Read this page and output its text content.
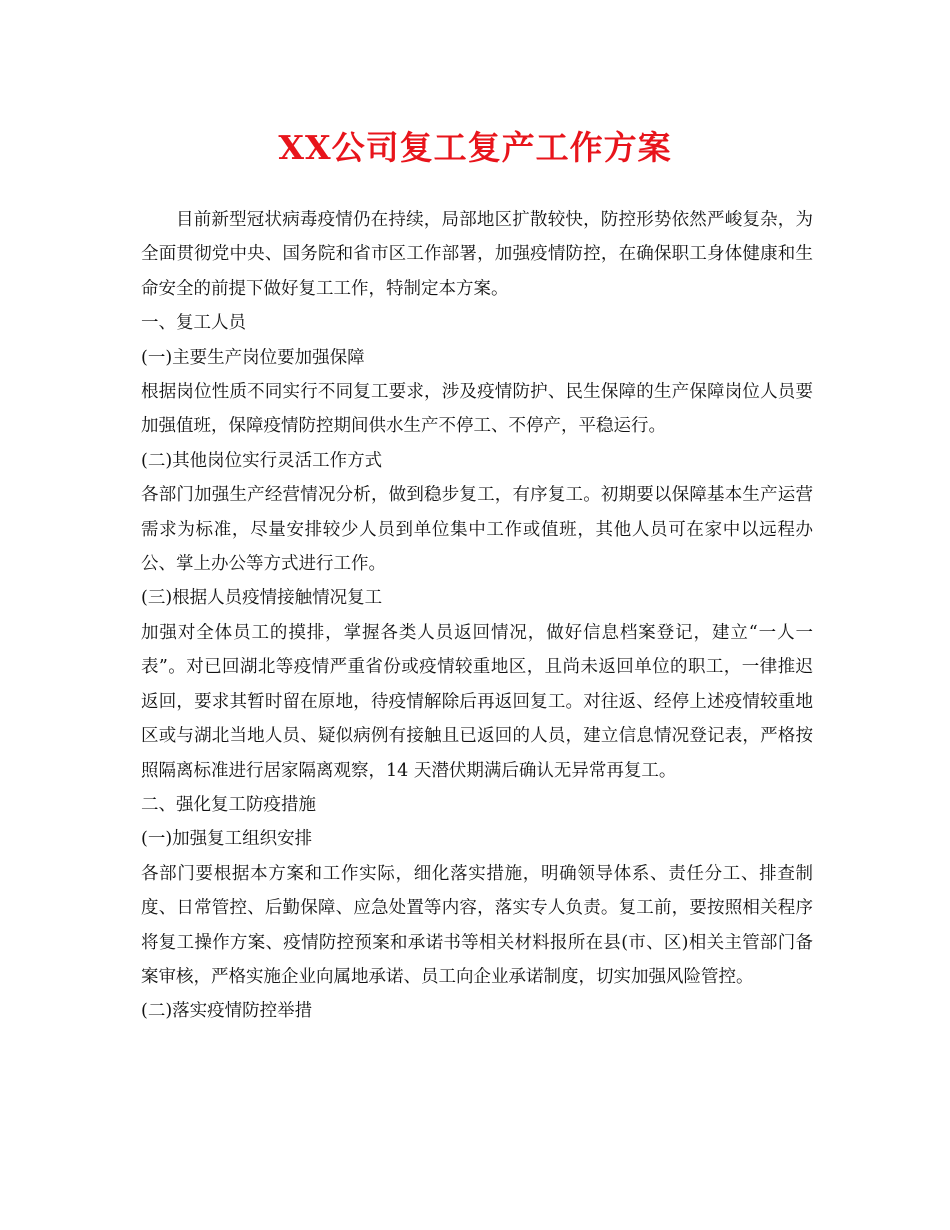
XX公司复工复产工作方案

目前新型冠状病毒疫情仍在持续，局部地区扩散较快，防控形势依然严峻复杂，为全面贯彻党中央、国务院和省市区工作部署，加强疫情防控，在确保职工身体健康和生命安全的前提下做好复工工作，特制定本方案。

一、复工人员

(一)主要生产岗位要加强保障

根据岗位性质不同实行不同复工要求，涉及疫情防护、民生保障的生产保障岗位人员要加强值班，保障疫情防控期间供水生产不停工、不停产，平稳运行。

(二)其他岗位实行灵活工作方式

各部门加强生产经营情况分析，做到稳步复工，有序复工。初期要以保障基本生产运营需求为标准，尽量安排较少人员到单位集中工作或值班，其他人员可在家中以远程办公、掌上办公等方式进行工作。

(三)根据人员疫情接触情况复工

加强对全体员工的摸排，掌握各类人员返回情况，做好信息档案登记，建立“一人一表”。对已回湖北等疫情严重省份或疫情较重地区，且尚未返回单位的职工，一律推迟返回，要求其暂时留在原地，待疫情解除后再返回复工。对往返、经停上述疫情较重地区或与湖北当地人员、疑似病例有接触且已返回的人员，建立信息情况登记表，严格按照隔离标准进行居家隔离观察，14 天潜伏期满后确认无异常再复工。

二、强化复工防疫措施

(一)加强复工组织安排

各部门要根据本方案和工作实际，细化落实措施，明确领导体系、责任分工、排查制度、日常管控、后勤保障、应急处置等内容，落实专人负责。复工前，要按照相关程序将复工操作方案、疫情防控预案和承诺书等相关材料报所在县(市、区)相关主管部门备案审核，严格实施企业向属地承诺、员工向企业承诺制度，切实加强风险管控。

(二)落实疫情防控举措
